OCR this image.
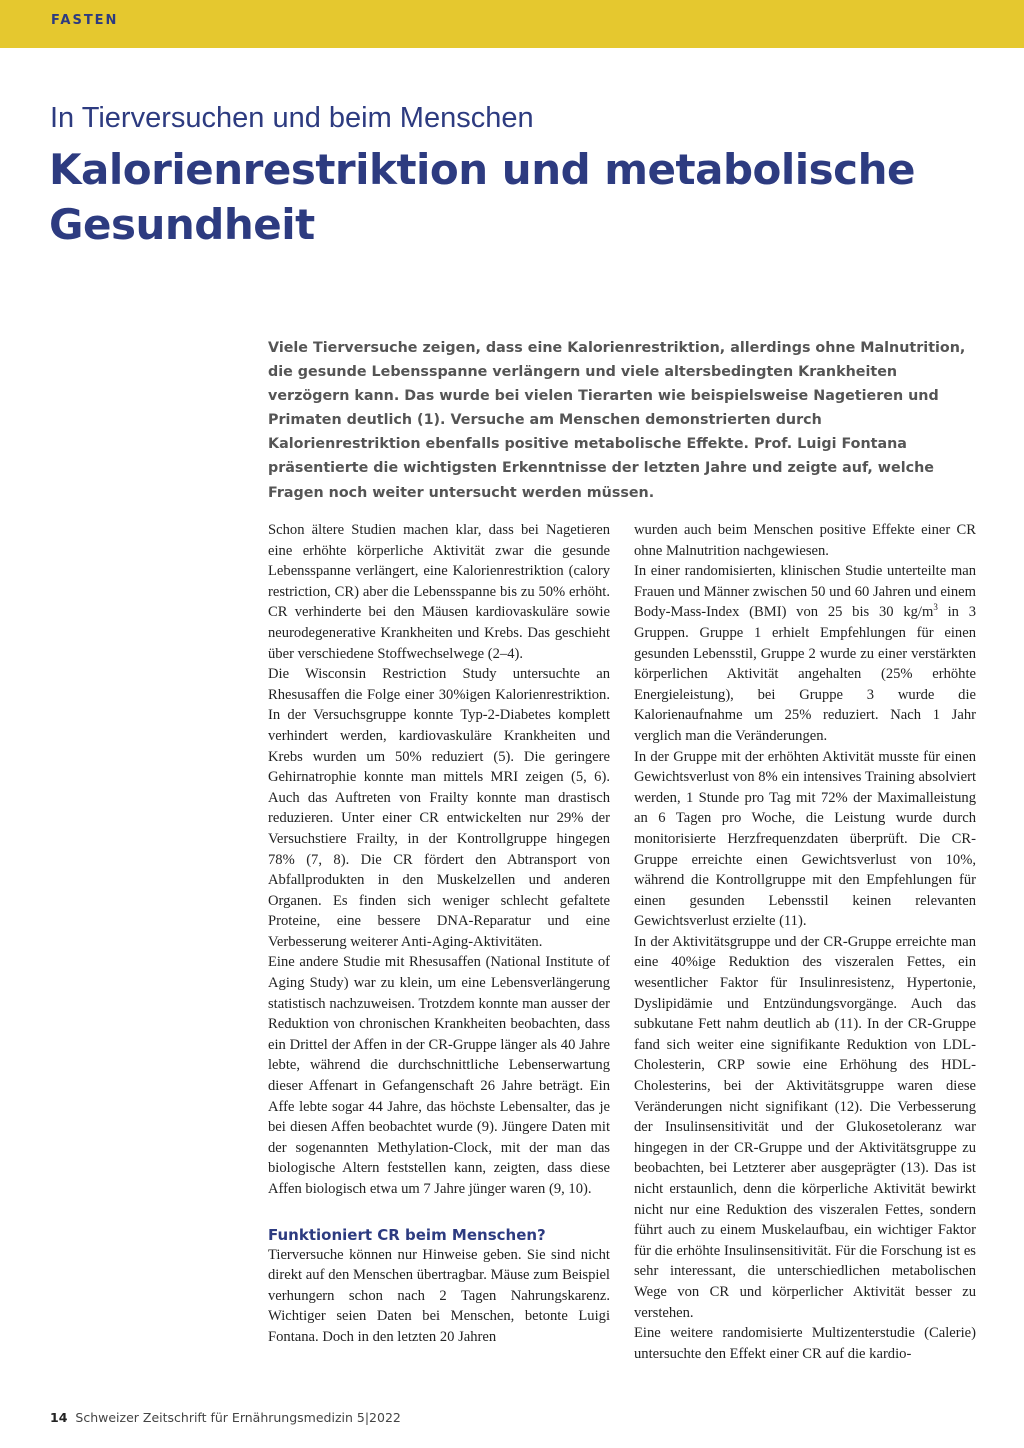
FASTEN
In Tierversuchen und beim Menschen
Kalorienrestriktion und metabolische Gesundheit

Viele Tierversuche zeigen, dass eine Kalorienrestriktion, allerdings ohne Malnutrition, die gesunde Lebensspanne verlängern und viele altersbedingten Krankheiten verzögern kann. Das wurde bei vielen Tierarten wie beispielsweise Nagetieren und Primaten deutlich (1). Versuche am Menschen demonstrierten durch Kalorienrestriktion ebenfalls positive metabolische Effekte. Prof. Luigi Fontana präsentierte die wichtigsten Erkenntnisse der letzten Jahre und zeigte auf, welche Fragen noch weiter untersucht werden müssen.

Schon ältere Studien machen klar, dass bei Nagetieren eine erhöhte körperliche Aktivität zwar die gesunde Lebensspanne verlängert, eine Kalorienrestriktion (calory restriction, CR) aber die Lebensspanne bis zu 50% erhöht. CR verhinderte bei den Mäusen kardiovaskuläre sowie neurodegenerative Krankheiten und Krebs. Das geschieht über verschiedene Stoffwechselwege (2–4).

Die Wisconsin Restriction Study untersuchte an Rhesusaffen die Folge einer 30%igen Kalorienrestriktion. In der Versuchsgruppe konnte Typ-2-Diabetes komplett verhindert werden, kardiovaskuläre Krankheiten und Krebs wurden um 50% reduziert (5). Die geringere Gehirnatrophie konnte man mittels MRI zeigen (5, 6). Auch das Auftreten von Frailty konnte man drastisch reduzieren. Unter einer CR entwickelten nur 29% der Versuchstiere Frailty, in der Kontrollgruppe hingegen 78% (7, 8). Die CR fördert den Abtransport von Abfallprodukten in den Muskelzellen und anderen Organen. Es finden sich weniger schlecht gefaltete Proteine, eine bessere DNA-Reparatur und eine Verbesserung weiterer Anti-Aging-Aktivitäten.

Eine andere Studie mit Rhesusaffen (National Institute of Aging Study) war zu klein, um eine Lebensverlängerung statistisch nachzuweisen. Trotzdem konnte man ausser der Reduktion von chronischen Krankheiten beobachten, dass ein Drittel der Affen in der CR-Gruppe länger als 40 Jahre lebte, während die durchschnittliche Lebenserwartung dieser Affenart in Gefangenschaft 26 Jahre beträgt. Ein Affe lebte sogar 44 Jahre, das höchste Lebensalter, das je bei diesen Affen beobachtet wurde (9). Jüngere Daten mit der sogenannten Methylation-Clock, mit der man das biologische Altern feststellen kann, zeigten, dass diese Affen biologisch etwa um 7 Jahre jünger waren (9, 10).

Funktioniert CR beim Menschen?

Tierversuche können nur Hinweise geben. Sie sind nicht direkt auf den Menschen übertragbar. Mäuse zum Beispiel verhungern schon nach 2 Tagen Nahrungskarenz. Wichtiger seien Daten bei Menschen, betonte Luigi Fontana. Doch in den letzten 20 Jahren

wurden auch beim Menschen positive Effekte einer CR ohne Malnutrition nachgewiesen.

In einer randomisierten, klinischen Studie unterteilte man Frauen und Männer zwischen 50 und 60 Jahren und einem Body-Mass-Index (BMI) von 25 bis 30 $kg/m^3$ in 3 Gruppen. Gruppe 1 erhielt Empfehlungen für einen gesunden Lebensstil, Gruppe 2 wurde zu einer verstärkten körperlichen Aktivität angehalten (25% erhöhte Energieleistung), bei Gruppe 3 wurde die Kalorienaufnahme um 25% reduziert. Nach 1 Jahr verglich man die Veränderungen.

In der Gruppe mit der erhöhten Aktivität musste für einen Gewichtsverlust von 8% ein intensives Training absolviert werden, 1 Stunde pro Tag mit 72% der Maximalleistung an 6 Tagen pro Woche, die Leistung wurde durch monitorisierte Herzfrequenzdaten überprüft. Die CR-Gruppe erreichte einen Gewichtsverlust von 10%, während die Kontrollgruppe mit den Empfehlungen für einen gesunden Lebensstil keinen relevanten Gewichtsverlust erzielte (11).

In der Aktivitätsgruppe und der CR-Gruppe erreichte man eine 40%ige Reduktion des viszeralen Fettes, ein wesentlicher Faktor für Insulinresistenz, Hypertonie, Dyslipidämie und Entzündungsvorgänge. Auch das subkutane Fett nahm deutlich ab (11). In der CR-Gruppe fand sich weiter eine signifikante Reduktion von LDL-Cholesterin, CRP sowie eine Erhöhung des HDL-Cholesterins, bei der Aktivitätsgruppe waren diese Veränderungen nicht signifikant (12). Die Verbesserung der Insulinsensitivität und der Glukosetoleranz war hingegen in der CR-Gruppe und der Aktivitätsgruppe zu beobachten, bei Letzterer aber ausgeprägter (13). Das ist nicht erstaunlich, denn die körperliche Aktivität bewirkt nicht nur eine Reduktion des viszeralen Fettes, sondern führt auch zu einem Muskelaufbau, ein wichtiger Faktor für die erhöhte Insulinsensitivität. Für die Forschung ist es sehr interessant, die unterschiedlichen metabolischen Wege von CR und körperlicher Aktivität besser zu verstehen.

Eine weitere randomisierte Multizenterstudie (Calerie) untersuchte den Effekt einer CR auf die kardio-

14 Schweizer Zeitschrift für Ernährungsmedizin 5|2022
